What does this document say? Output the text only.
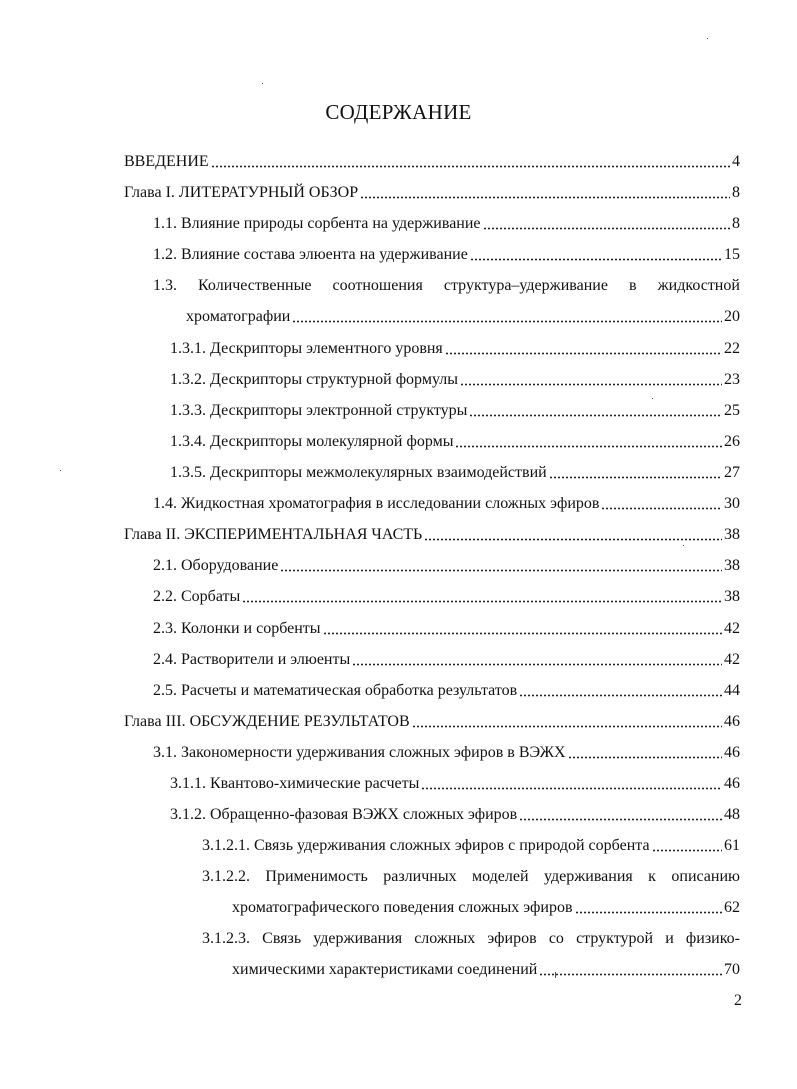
СОДЕРЖАНИЕ
ВВЕДЕНИЕ	4
Глава I. ЛИТЕРАТУРНЫЙ ОБЗОР	8
1.1. Влияние природы сорбента на удерживание	8
1.2. Влияние состава элюента на удерживание	15
1.3. Количественные соотношения структура–удерживание в жидкостной
хроматографии	20
1.3.1. Дескрипторы элементного уровня	22
1.3.2. Дескрипторы структурной формулы	23
1.3.3. Дескрипторы электронной структуры	25
1.3.4. Дескрипторы молекулярной формы	26
1.3.5. Дескрипторы межмолекулярных взаимодействий	27
1.4. Жидкостная хроматография в исследовании сложных эфиров	30
Глава II. ЭКСПЕРИМЕНТАЛЬНАЯ ЧАСТЬ	38
2.1. Оборудование	38
2.2. Сорбаты	38
2.3. Колонки и сорбенты	42
2.4. Растворители и элюенты	42
2.5. Расчеты и математическая обработка результатов	44
Глава III. ОБСУЖДЕНИЕ РЕЗУЛЬТАТОВ	46
3.1. Закономерности удерживания сложных эфиров в ВЭЖХ	46
3.1.1. Квантово-химические расчеты	46
3.1.2. Обращенно-фазовая ВЭЖХ сложных эфиров	48
3.1.2.1. Связь удерживания сложных эфиров с природой сорбента	61
3.1.2.2. Применимость различных моделей удерживания к описанию
хроматографического поведения сложных эфиров	62
3.1.2.3. Связь удерживания сложных эфиров со структурой и физико-
химическими характеристиками соединений	70
2
